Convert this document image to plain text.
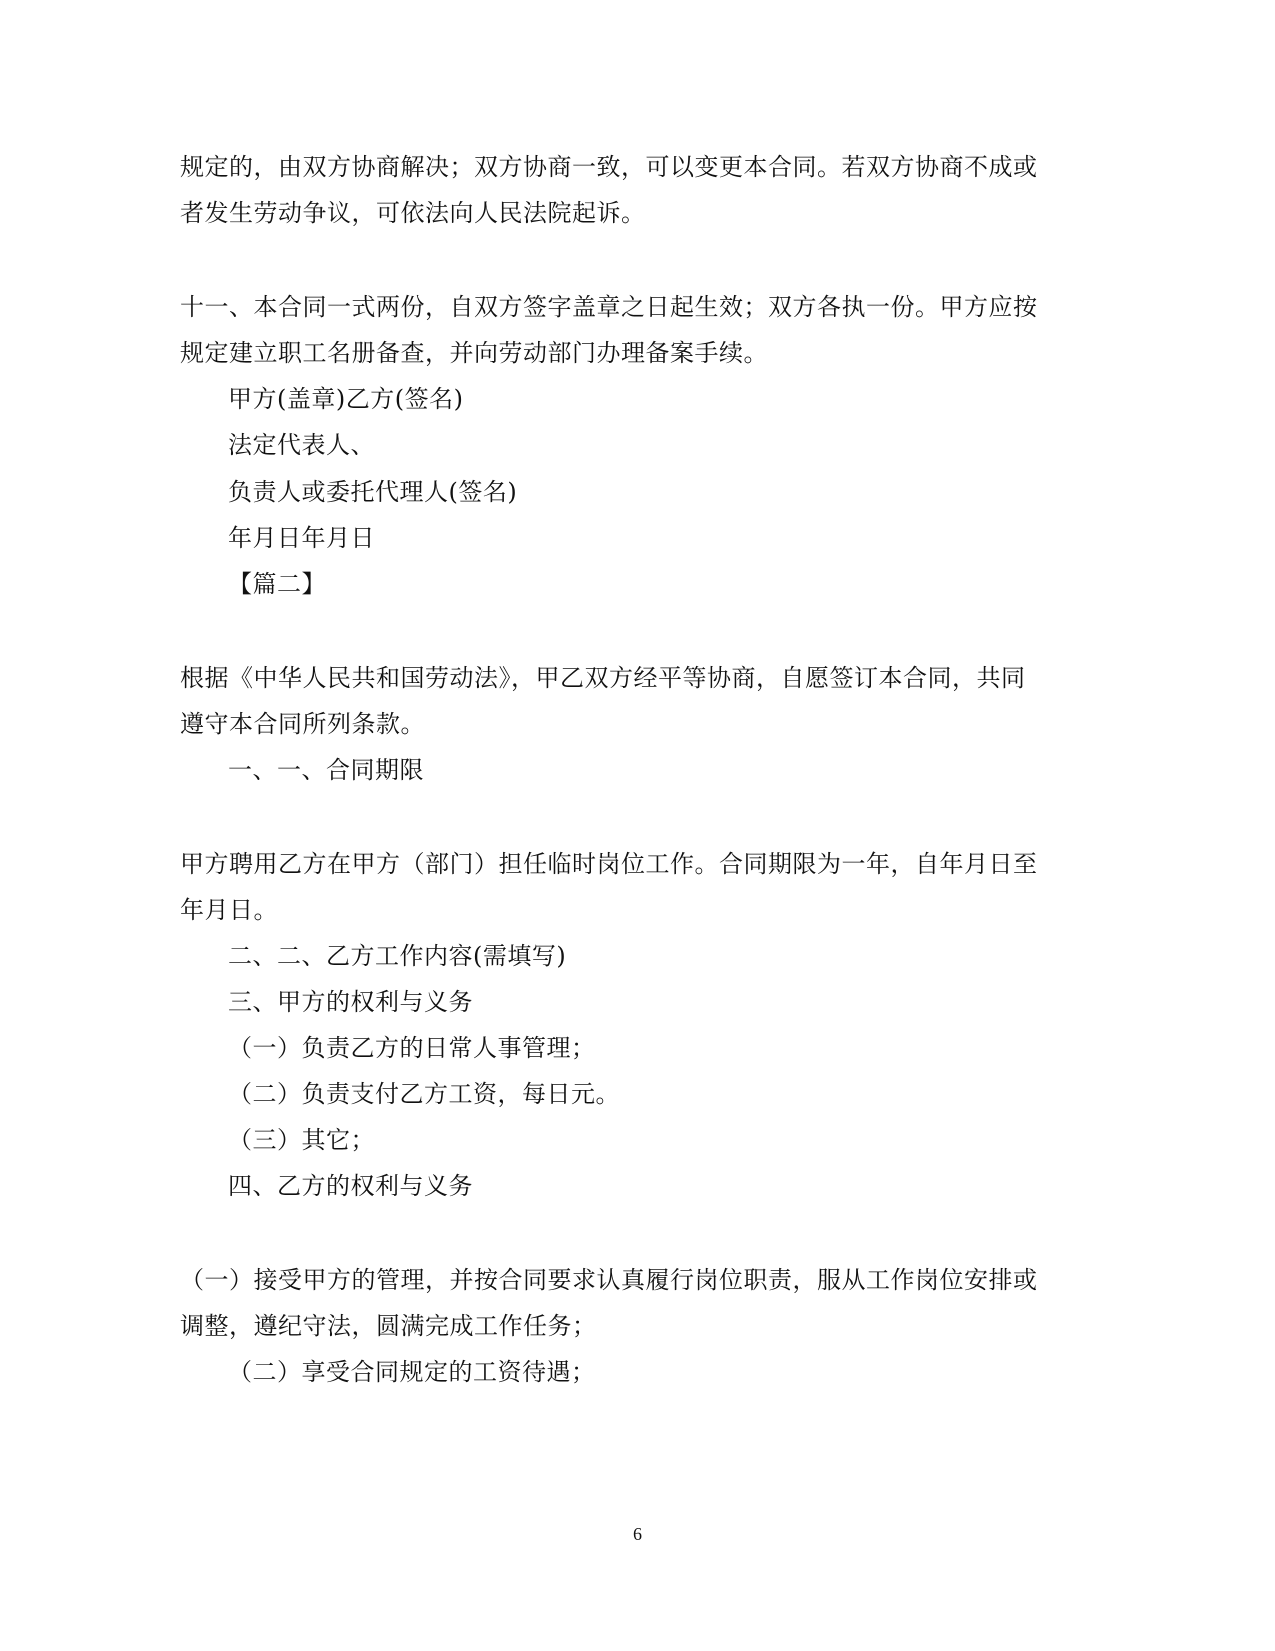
规定的，由双方协商解决；双方协商一致，可以变更本合同。若双方协商不成或
者发生劳动争议，可依法向人民法院起诉。
十一、本合同一式两份，自双方签字盖章之日起生效；双方各执一份。甲方应按
规定建立职工名册备查，并向劳动部门办理备案手续。
甲方(盖章)乙方(签名)
法定代表人、
负责人或委托代理人(签名)
年月日年月日
【篇二】
根据《中华人民共和国劳动法》，甲乙双方经平等协商，自愿签订本合同，共同
遵守本合同所列条款。
一、一、合同期限
甲方聘用乙方在甲方（部门）担任临时岗位工作。合同期限为一年，自年月日至
年月日。
二、二、乙方工作内容(需填写)
三、甲方的权利与义务
（一）负责乙方的日常人事管理；
（二）负责支付乙方工资，每日元。
（三）其它；
四、乙方的权利与义务
（一）接受甲方的管理，并按合同要求认真履行岗位职责，服从工作岗位安排或
调整，遵纪守法，圆满完成工作任务；
（二）享受合同规定的工资待遇；
6
